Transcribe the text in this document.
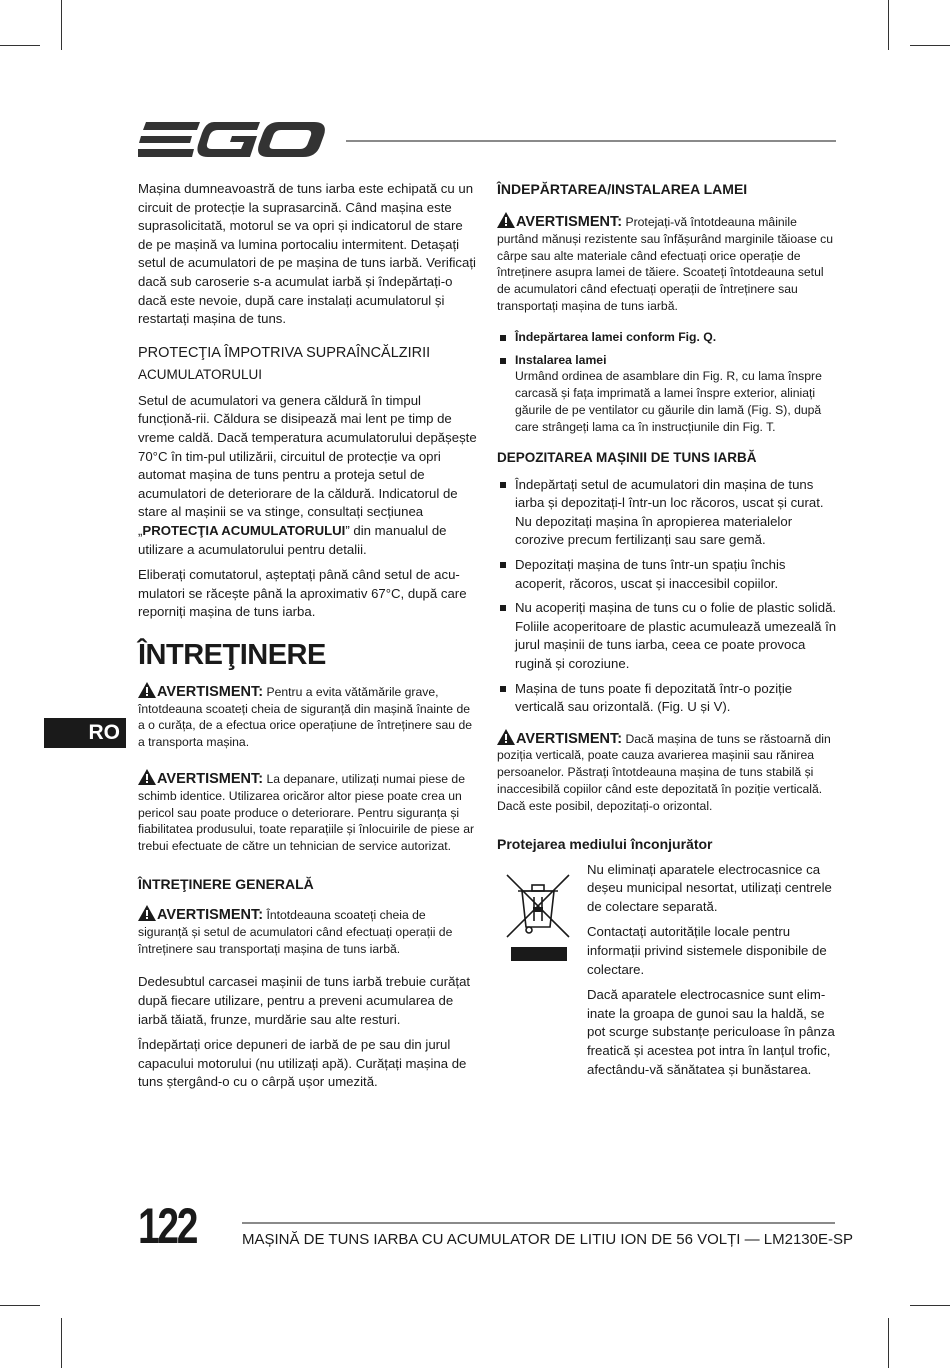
RO

Mașina dumneavoastră de tuns iarba este echipată cu un circuit de protecție la suprasarcină. Când mașina este suprasolicitată, motorul se va opri și indicatorul de stare de pe mașină va lumina portocaliu intermitent. Detașați setul de acumulatori de pe mașina de tuns iarbă. Verificați dacă sub caroserie s-a acumulat iarbă și îndepărtați-o dacă este nevoie, după care instalați acumulatorul și restartați mașina de tuns.

PROTECŢIA ÎMPOTRIVA SUPRAÎNCĂLZIRII
ACUMULATORULUI

Setul de acumulatori va genera căldură în timpul funcționă-rii. Căldura se disipează mai lent pe timp de vreme caldă. Dacă temperatura acumulatorului depășește 70°C în tim-pul utilizării, circuitul de protecție va opri automat mașina de tuns pentru a proteja setul de acumulatori de deteriorare de la căldură. Indicatorul de stare al mașinii se va stinge, consultați secțiunea „PROTECŢIA ACUMULATORULUI” din manualul de utilizare a acumulatorului pentru detalii.

Eliberați comutatorul, așteptați până când setul de acu-mulatori se răcește până la aproximativ 67°C, după care reporniți mașina de tuns iarba.

ÎNTREŢINERE

AVERTISMENT: Pentru a evita vătămările grave, întotdeauna scoateți cheia de siguranță din mașină înainte de a o curăța, de a efectua orice operațiune de întreținere sau de a transporta mașina.

AVERTISMENT: La depanare, utilizați numai piese de schimb identice. Utilizarea oricăror altor piese poate crea un pericol sau poate produce o deteriorare. Pentru siguranța și fiabilitatea produsului, toate reparațiile și înlocuirile de piese ar trebui efectuate de către un tehnician de service autorizat.

ÎNTREŢINERE GENERALĂ

AVERTISMENT: Întotdeauna scoateți cheia de siguranță și setul de acumulatori când efectuați operații de întreținere sau transportați mașina de tuns iarbă.

Dedesubtul carcasei mașinii de tuns iarbă trebuie curățat după fiecare utilizare, pentru a preveni acumularea de iarbă tăiată, frunze, murdărie sau alte resturi.

Îndepărtați orice depuneri de iarbă de pe sau din jurul capacului motorului (nu utilizați apă). Curățați mașina de tuns ștergând-o cu o cârpă ușor umezită.

ÎNDEPĂRTAREA/INSTALAREA LAMEI

AVERTISMENT: Protejați-vă întotdeauna mâinile purtând mănuși rezistente sau înfășurând marginile tăioase cu cârpe sau alte materiale când efectuați orice operație de întreținere asupra lamei de tăiere. Scoateți întotdeauna setul de acumulatori când efectuați operații de întreținere sau transportați mașina de tuns iarbă.

Îndepărtarea lamei conform Fig. Q.

Instalarea lamei

Urmând ordinea de asamblare din Fig. R, cu lama înspre carcasă și fața imprimată a lamei înspre exterior, aliniați găurile de pe ventilator cu găurile din lamă (Fig. S), după care strângeți lama ca în instrucțiunile din Fig. T.

DEPOZITAREA MAȘINII DE TUNS IARBĂ

Îndepărtați setul de acumulatori din mașina de tuns iarba și depozitați-l într-un loc răcoros, uscat și curat. Nu depozitați mașina în apropierea materialelor corozive precum fertilizanți sau sare gemă.

Depozitați mașina de tuns într-un spațiu închis acoperit, răcoros, uscat și inaccesibil copiilor.

Nu acoperiți mașina de tuns cu o folie de plastic solidă. Foliile acoperitoare de plastic acumulează umezeală în jurul mașinii de tuns iarba, ceea ce poate provoca rugină și coroziune.

Mașina de tuns poate fi depozitată într-o poziție verticală sau orizontală. (Fig. U și V).

AVERTISMENT: Dacă mașina de tuns se răstoarnă din poziția verticală, poate cauza avarierea mașinii sau rănirea persoanelor. Păstrați întotdeauna mașina de tuns stabilă și inaccesibilă copiilor când este depozitată în poziție verticală. Dacă este posibil, depozitați-o orizontal.

Protejarea mediului înconjurător

Nu eliminați aparatele electrocasnice ca deșeu municipal nesortat, utilizați centrele de colectare separată.

Contactați autoritățile locale pentru informații privind sistemele disponibile de colectare.

Dacă aparatele electrocasnice sunt elim-inate la groapa de gunoi sau la haldă, se pot scurge substanțe periculoase în pânza freatică și acestea pot intra în lanțul trofic, afectându-vă sănătatea și bunăstarea.

122	MAȘINĂ DE TUNS IARBA CU ACUMULATOR DE LITIU ION DE 56 VOLȚI — LM2130E-SP
